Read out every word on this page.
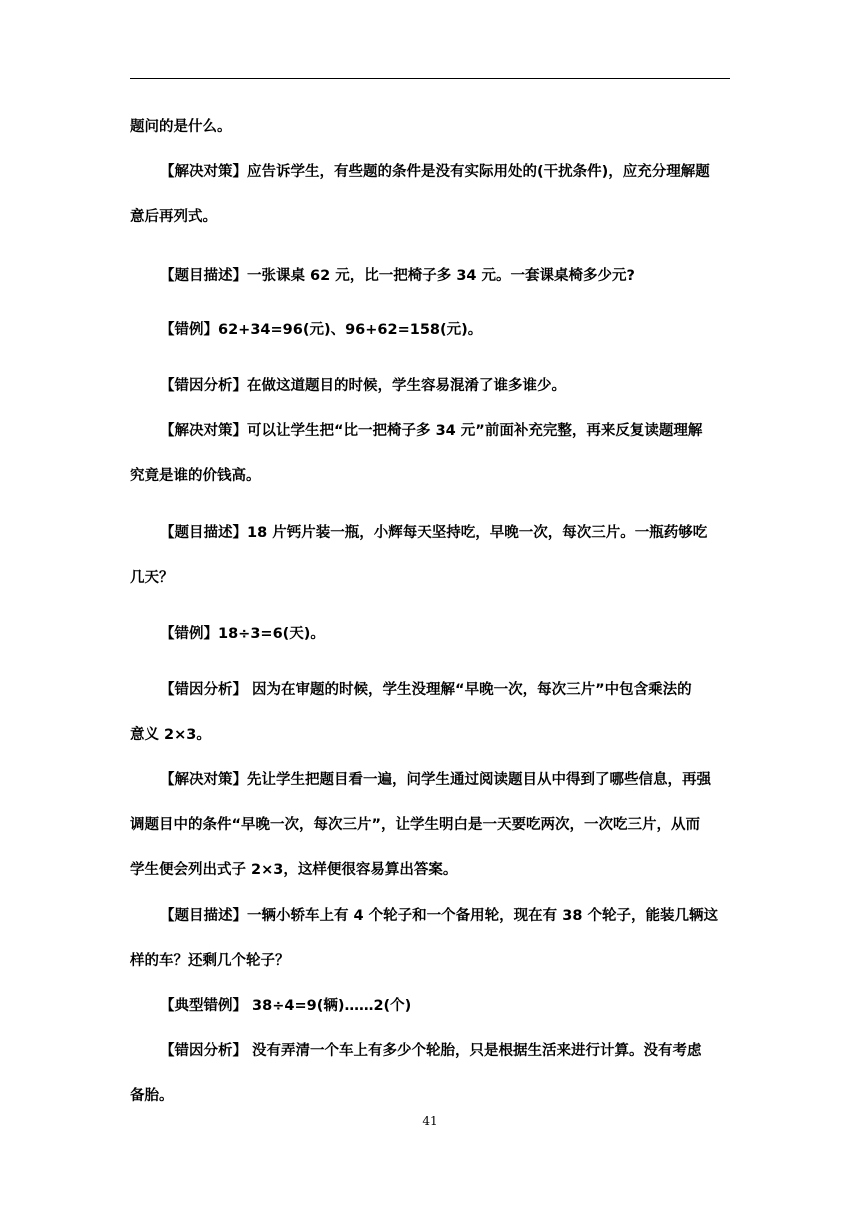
题问的是什么。
【解决对策】应告诉学生，有些题的条件是没有实际用处的(干扰条件)，应充分理解题
意后再列式。
【题目描述】一张课桌 62 元，比一把椅子多 34 元。一套课桌椅多少元?
【错例】62+34=96(元)、96+62=158(元)。
【错因分析】在做这道题目的时候，学生容易混淆了谁多谁少。
【解决对策】可以让学生把“比一把椅子多 34 元”前面补充完整，再来反复读题理解
究竟是谁的价钱高。
【题目描述】18 片钙片装一瓶，小辉每天坚持吃，早晚一次，每次三片。一瓶药够吃
几天？
【错例】18÷3=6(天)。
【错因分析】 因为在审题的时候，学生没理解“早晚一次，每次三片”中包含乘法的
意义 2×3。
【解决对策】先让学生把题目看一遍，问学生通过阅读题目从中得到了哪些信息，再强
调题目中的条件“早晚一次，每次三片”，让学生明白是一天要吃两次，一次吃三片，从而
学生便会列出式子 2×3，这样便很容易算出答案。
【题目描述】一辆小轿车上有 4 个轮子和一个备用轮，现在有 38 个轮子，能装几辆这
样的车？还剩几个轮子？
【典型错例】 38÷4=9(辆)……2(个)
【错因分析】 没有弄清一个车上有多少个轮胎，只是根据生活来进行计算。没有考虑
备胎。
41
